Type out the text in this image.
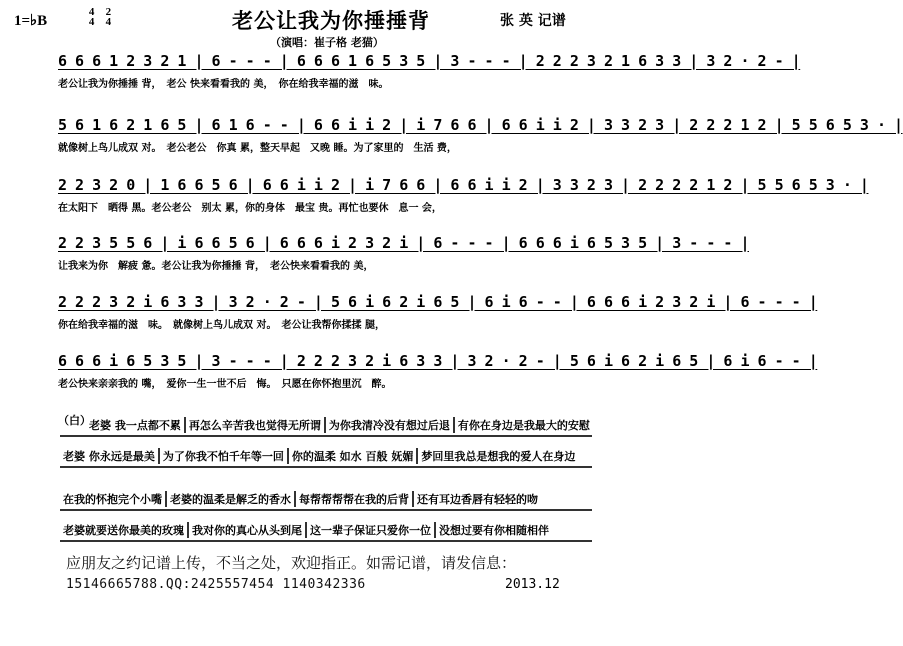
1=♭B
44 24	老公让我为你捶捶背
（演唱：崔子格 老猫）
张 英 记谱
6 6 6 1 2 3 2 1 | 6 - - - | 6 6 6 1 6 5 3 5 | 3 - - - | 2 2 2 3 2 1 6 3 3 | 3 2 · 2 - |
老公让我为你捶捶 背，　老公 快来看看我的 美，　你在给我幸福的滋　味。
5 6 1 6 2 1 6 5 | 6 1 6 - - | 6 6 i i 2 | i 7 6 6 | 6 6 i i 2 | 3 3 2 3 | 2 2 2 1 2 | 5 5 6 5 3 · |
就像树上鸟儿成双 对。　老公老公　你真 累，整天早起　又晚 睡。为了家里的　生活 费，
2 2 3 2 0 | 1 6 6 5 6 | 6 6 i i 2 | i 7 6 6 | 6 6 i i 2 | 3 3 2 3 | 2 2 2 2 1 2 | 5 5 6 5 3 · |
在太阳下　晒得 黑。老公老公　别太 累，你的身体　最宝 贵。再忙也要休　息一 会，
2 2 3 5 5 6 | i 6 6 5 6 | 6 6 6 i 2 3 2 i | 6 - - - | 6 6 6 i 6 5 3 5 | 3 - - - |
让我来为你　解疲 惫。老公让我为你捶捶 背，　老公快来看看我的 美，
2 2 2 3 2 i 6 3 3 | 3 2 · 2 - | 5 6 i 6 2 i 6 5 | 6 i 6 - - | 6 6 6 i 2 3 2 i | 6 - - - |
你在给我幸福的滋　味。　就像树上鸟儿成双 对。　老公让我帮你揉揉 腿，
6 6 6 i 6 5 3 5 | 3 - - - | 2 2 2 3 2 i 6 3 3 | 3 2 · 2 - | 5 6 i 6 2 i 6 5 | 6 i 6 - - |
老公快来亲亲我的 嘴，　爱你一生一世不后　悔。　只愿在你怀抱里沉　醉。
（白）
老婆 我一点都不累 再怎么辛苦我也觉得无所谓 为你我清冷没有想过后退 有你在身边是我最大的安慰
老婆 你永远是最美 为了你我不怕千年等一回 你的温柔 如水 百般 妩媚 梦回里我总是想我的爱人在身边
在我的怀抱完个小嘴 老婆的温柔是解乏的香水 每帮帮帮帮在我的后背 还有耳边香唇有轻轻的吻
老婆就要送你最美的玫瑰 我对你的真心从头到尾 这一辈子保证只爱你一位 没想过要有你相随相伴
应朋友之约记谱上传，不当之处，欢迎指正。如需记谱，请发信息：
15146665788.QQ:2425557454 1140342336	2013.12
